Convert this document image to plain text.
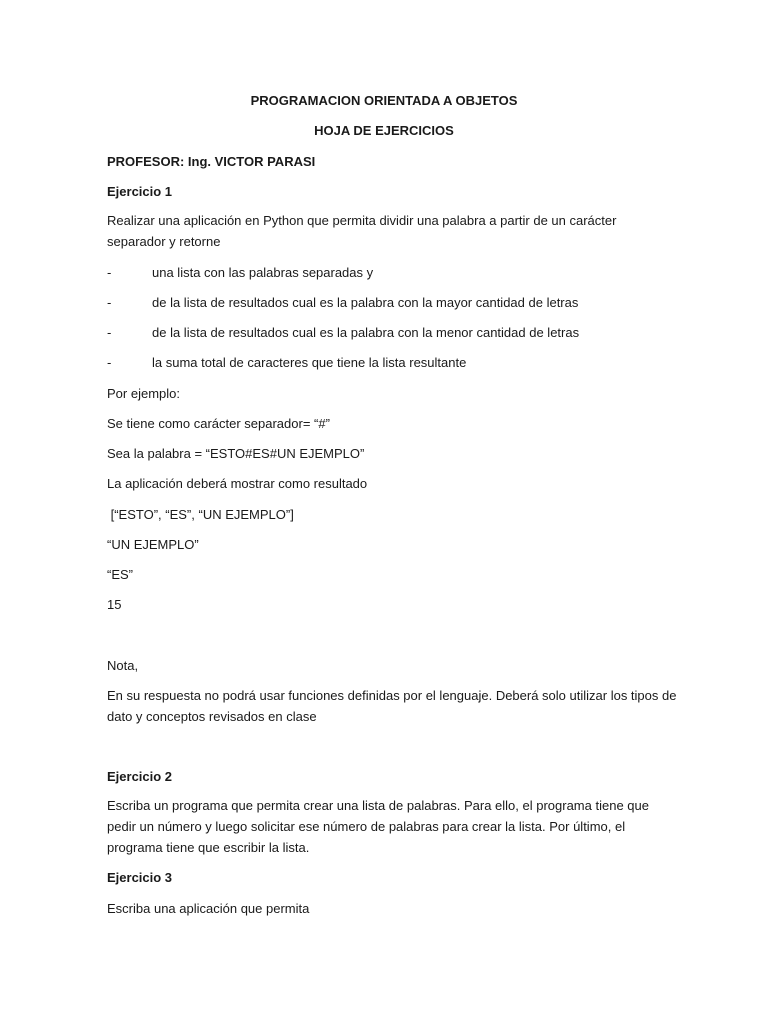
PROGRAMACION ORIENTADA A OBJETOS
HOJA DE EJERCICIOS
PROFESOR: Ing. VICTOR PARASI
Ejercicio 1
Realizar una aplicación en Python que permita dividir una palabra a partir de un carácter
separador y retorne
-	una lista con las palabras separadas y
-	de la lista de resultados cual es la palabra con la mayor cantidad de letras
-	de la lista de resultados cual es la palabra con la menor cantidad de letras
-	la suma total de caracteres que tiene la lista resultante
Por ejemplo:
Se tiene como carácter separador= “#”
Sea la palabra = “ESTO#ES#UN EJEMPLO”
La aplicación deberá mostrar como resultado
[“ESTO”, “ES”, “UN EJEMPLO”]
“UN EJEMPLO”
“ES”
15
Nota,
En su respuesta no podrá usar funciones definidas por el lenguaje. Deberá solo utilizar los tipos de
dato y conceptos revisados en clase
Ejercicio 2
Escriba un programa que permita crear una lista de palabras. Para ello, el programa tiene que
pedir un número y luego solicitar ese número de palabras para crear la lista. Por último, el
programa tiene que escribir la lista.
Ejercicio 3
Escriba una aplicación que permita
